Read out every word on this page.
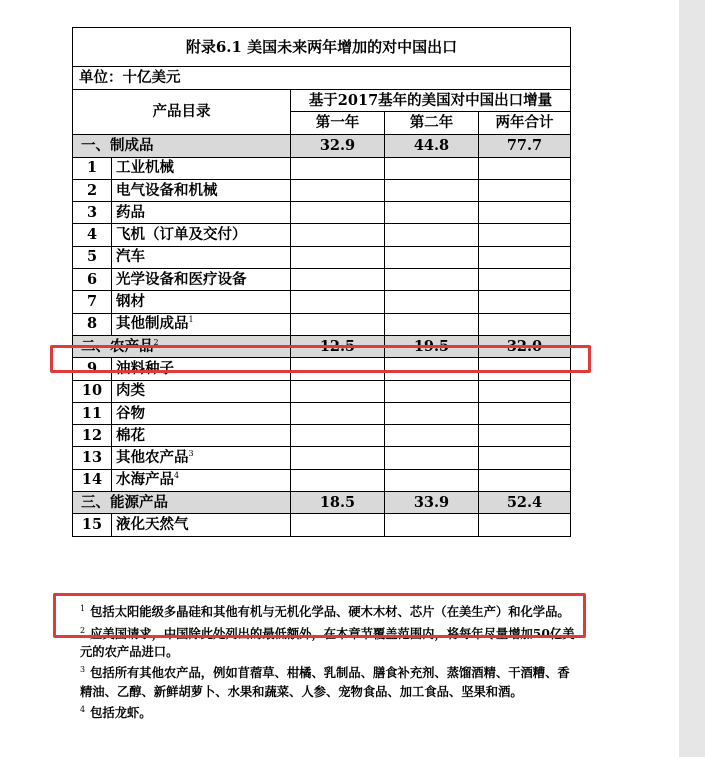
附录6.1 美国未来两年增加的对中国出口				
单位：十亿美元				
产品目录		基于2017基年的美国对中国出口增量		
		第一年	第二年	两年合计
一、制成品		32.9	44.8	77.7
1	工业机械			
2	电气设备和机械			
3	药品			
4	飞机（订单及交付）			
5	汽车			
6	光学设备和医疗设备			
7	钢材			
8	其他制成品$^1$			
二、农产品$^2$		12.5	19.5	32.0
9	油料种子			
10	肉类			
11	谷物			
12	棉花			
13	其他农产品$^3$			
14	水海产品$^4$			
三、能源产品		18.5	33.9	52.4
15	液化天然气			

$^1$ 包括太阳能级多晶硅和其他有机与无机化学品、硬木木材、芯片（在美生产）和化学品。

$^2$ 应美国请求，中国除此处列出的最低额外，在本章节覆盖范围内，将每年尽量增加50亿美元的农产品进口。

$^3$ 包括所有其他农产品，例如苜蓿草、柑橘、乳制品、膳食补充剂、蒸馏酒精、干酒糟、香精油、乙醇、新鲜胡萝卜、水果和蔬菜、人参、宠物食品、加工食品、坚果和酒。

$^4$ 包括龙虾。
